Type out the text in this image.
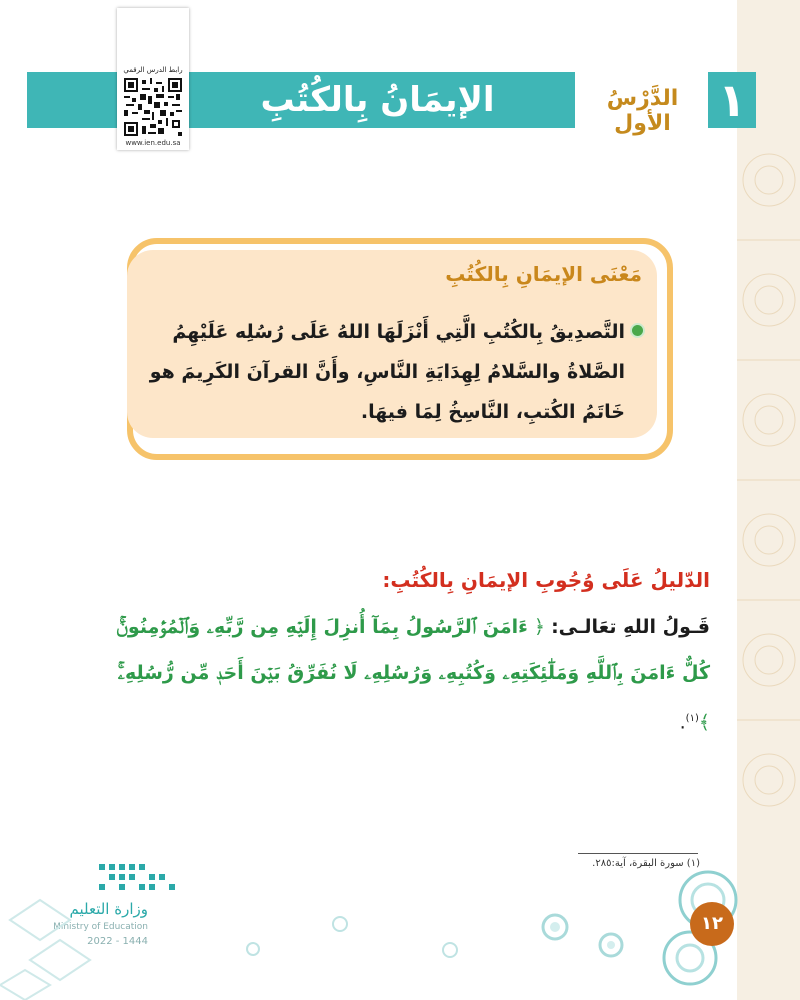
الدَّرْسُ الأول	١
الإيمَانُ بِالكُتُبِ
رابط الدرس الرقمي
www.ien.edu.sa
مَعْنَى الإيمَانِ بِالكُتُبِ
التَّصدِيقُ بِالكُتُبِ الَّتِي أَنْزَلَهَا اللهُ عَلَى رُسُلِه عَلَيْهِمُ الصَّلاةُ والسَّلامُ لِهِدَايَةِ النَّاسِ، وأَنَّ القرآنَ الكَرِيمَ هو خَاتَمُ الكُتبِ، النَّاسِخُ لِمَا فيهَا.
الدّليلُ عَلَى وُجُوبِ الإيمَانِ بِالكُتُبِ:
قَـولُ اللهِ تعَالـى: ﴿ ءَامَنَ ٱلرَّسُولُ بِمَآ أُنزِلَ إِلَيۡهِ مِن رَّبِّهِۦ وَٱلۡمُؤۡمِنُونَۚ كُلٌّ ءَامَنَ بِٱللَّهِ وَمَلَٰٓئِكَتِهِۦ وَكُتُبِهِۦ وَرُسُلِهِۦ لَا نُفَرِّقُ بَيۡنَ أَحَدٖ مِّن رُّسُلِهِۦۚ ﴾$^{(١)}$.
(١) سورة البقرة، آية:٢٨٥.
١٢
وزارة التعليم
Ministry of Education
2022 - 1444
